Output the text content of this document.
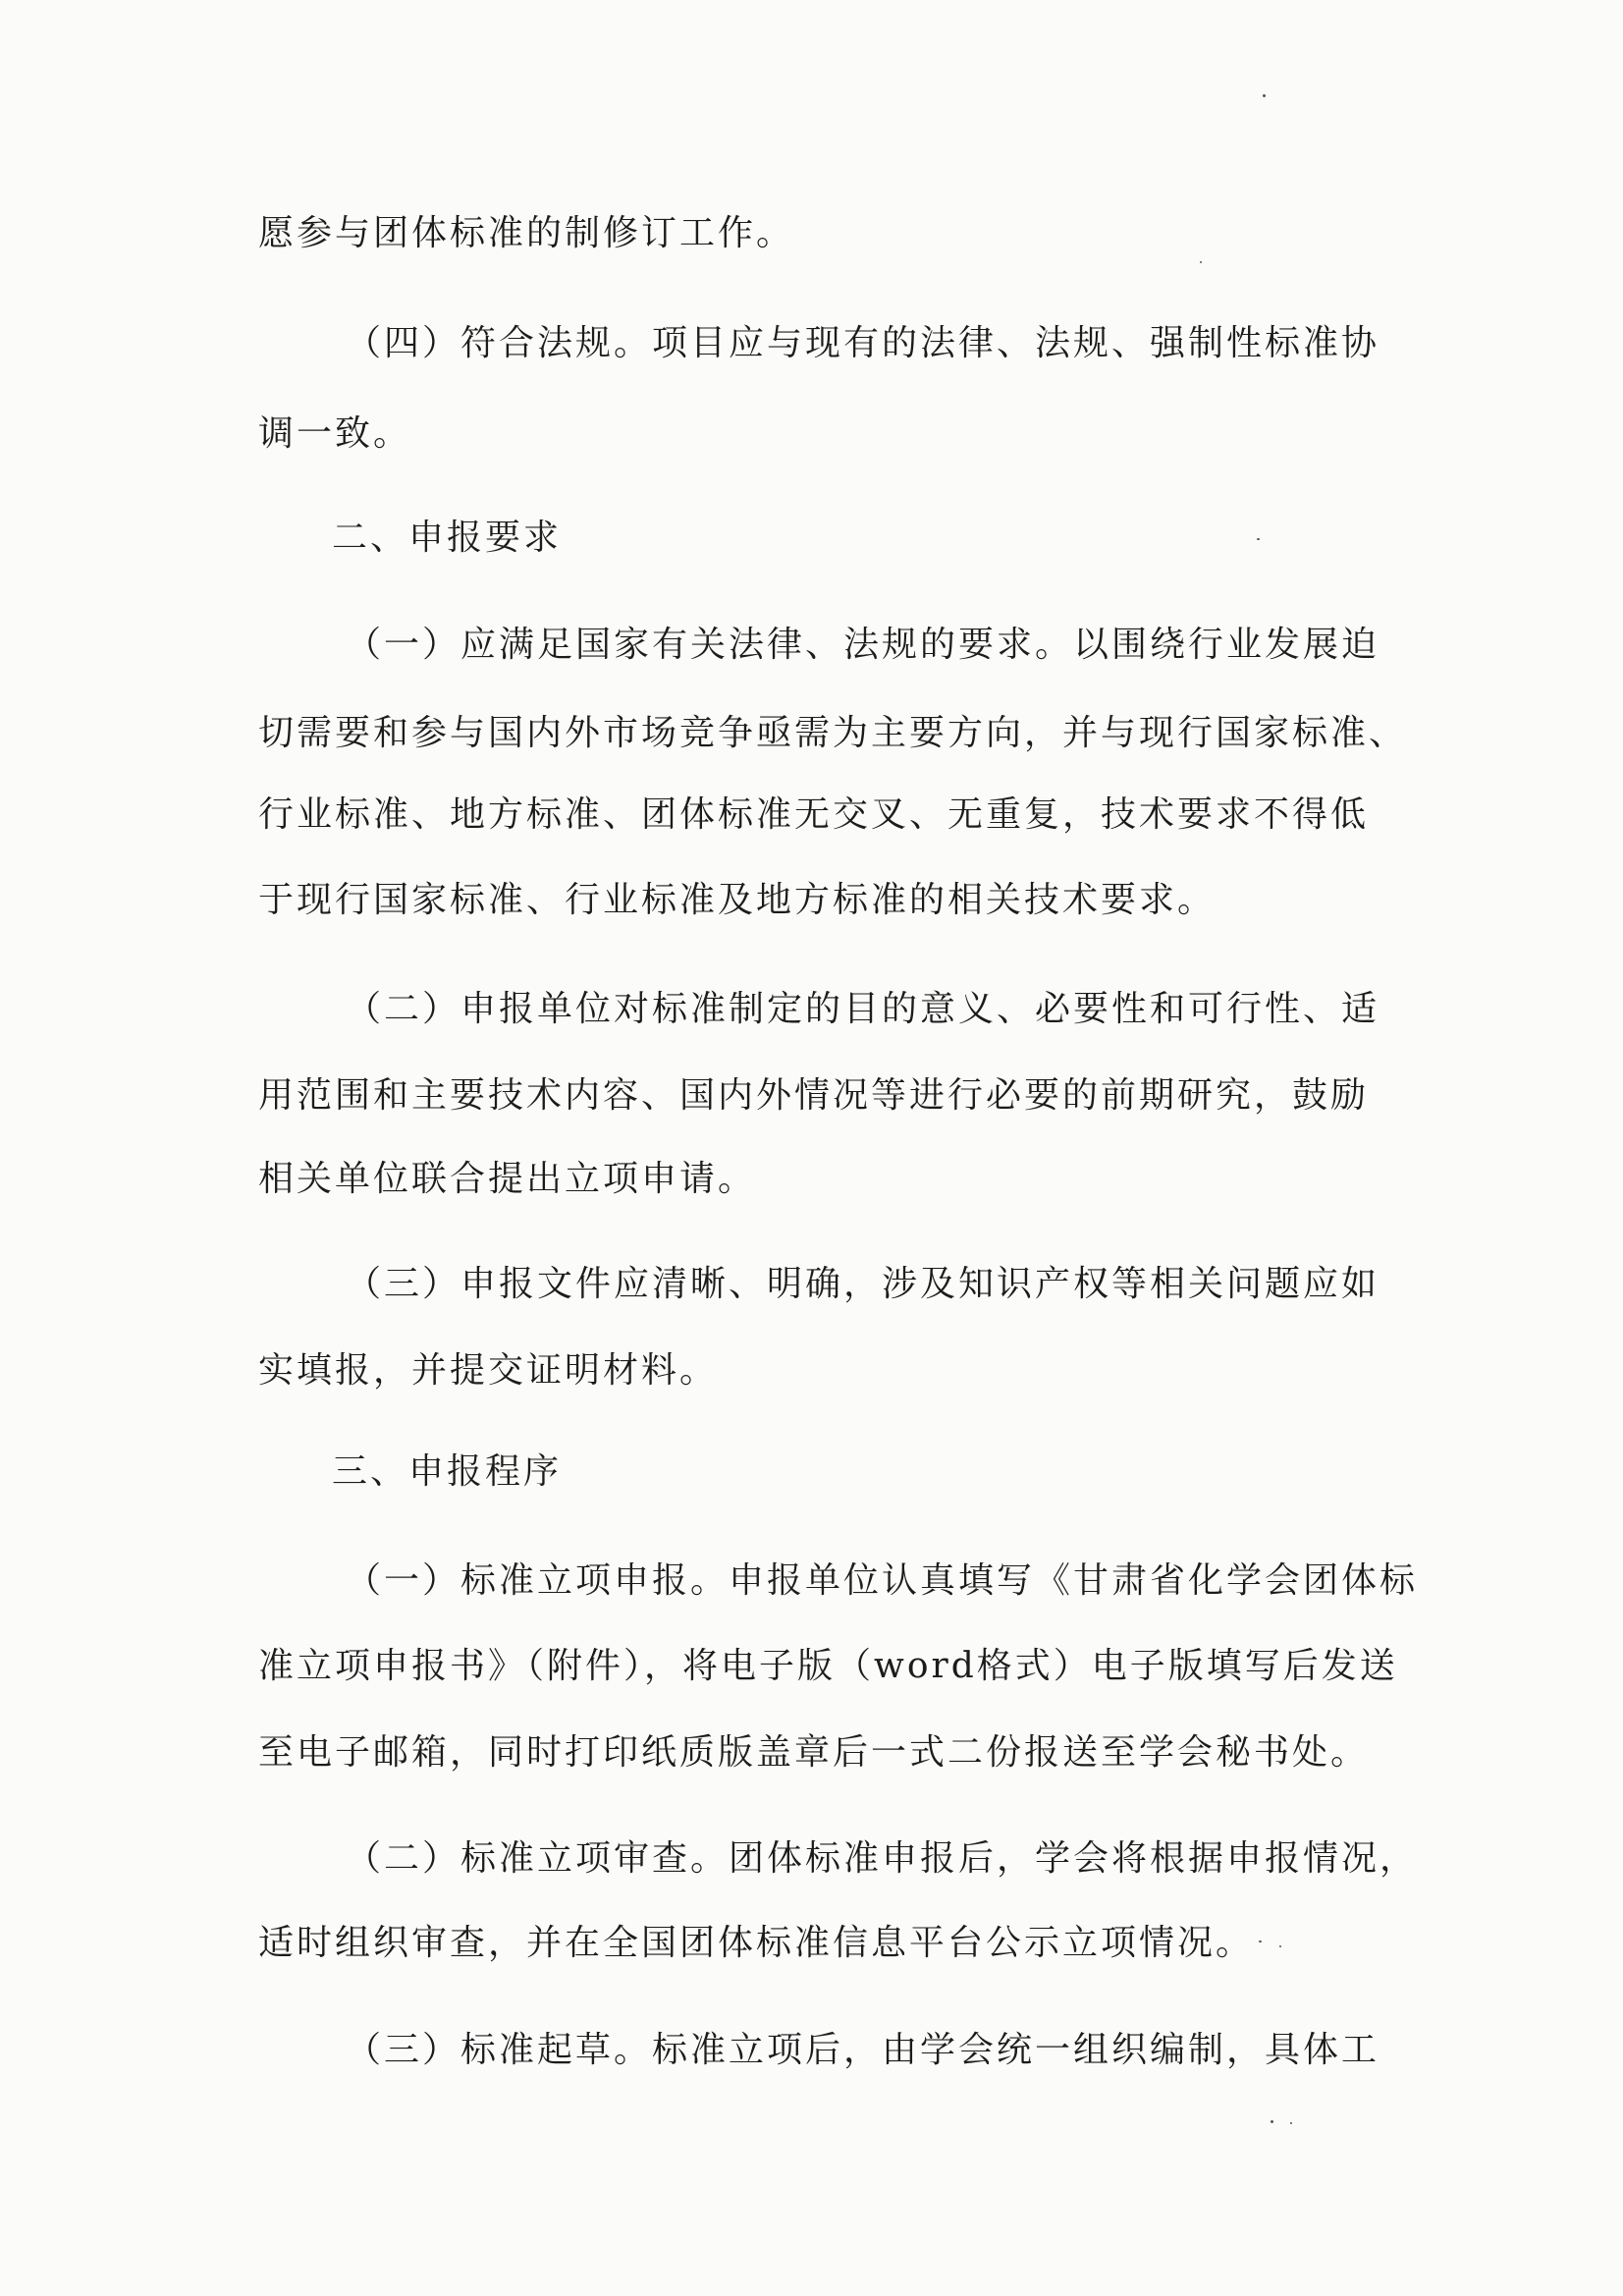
愿参与团体标准的制修订工作。
（四）符合法规。项目应与现有的法律、法规、强制性标准协
调一致。
二、申报要求
（一）应满足国家有关法律、法规的要求。以围绕行业发展迫
切需要和参与国内外市场竞争亟需为主要方向，并与现行国家标准、
行业标准、地方标准、团体标准无交叉、无重复，技术要求不得低
于现行国家标准、行业标准及地方标准的相关技术要求。
（二）申报单位对标准制定的目的意义、必要性和可行性、适
用范围和主要技术内容、国内外情况等进行必要的前期研究，鼓励
相关单位联合提出立项申请。
（三）申报文件应清晰、明确，涉及知识产权等相关问题应如
实填报，并提交证明材料。
三、申报程序
（一）标准立项申报。申报单位认真填写《甘肃省化学会团体标
准立项申报书》（附件），将电子版（word格式）电子版填写后发送
至电子邮箱，同时打印纸质版盖章后一式二份报送至学会秘书处。
（二）标准立项审查。团体标准申报后，学会将根据申报情况，
适时组织审查，并在全国团体标准信息平台公示立项情况。
（三）标准起草。标准立项后，由学会统一组织编制，具体工
